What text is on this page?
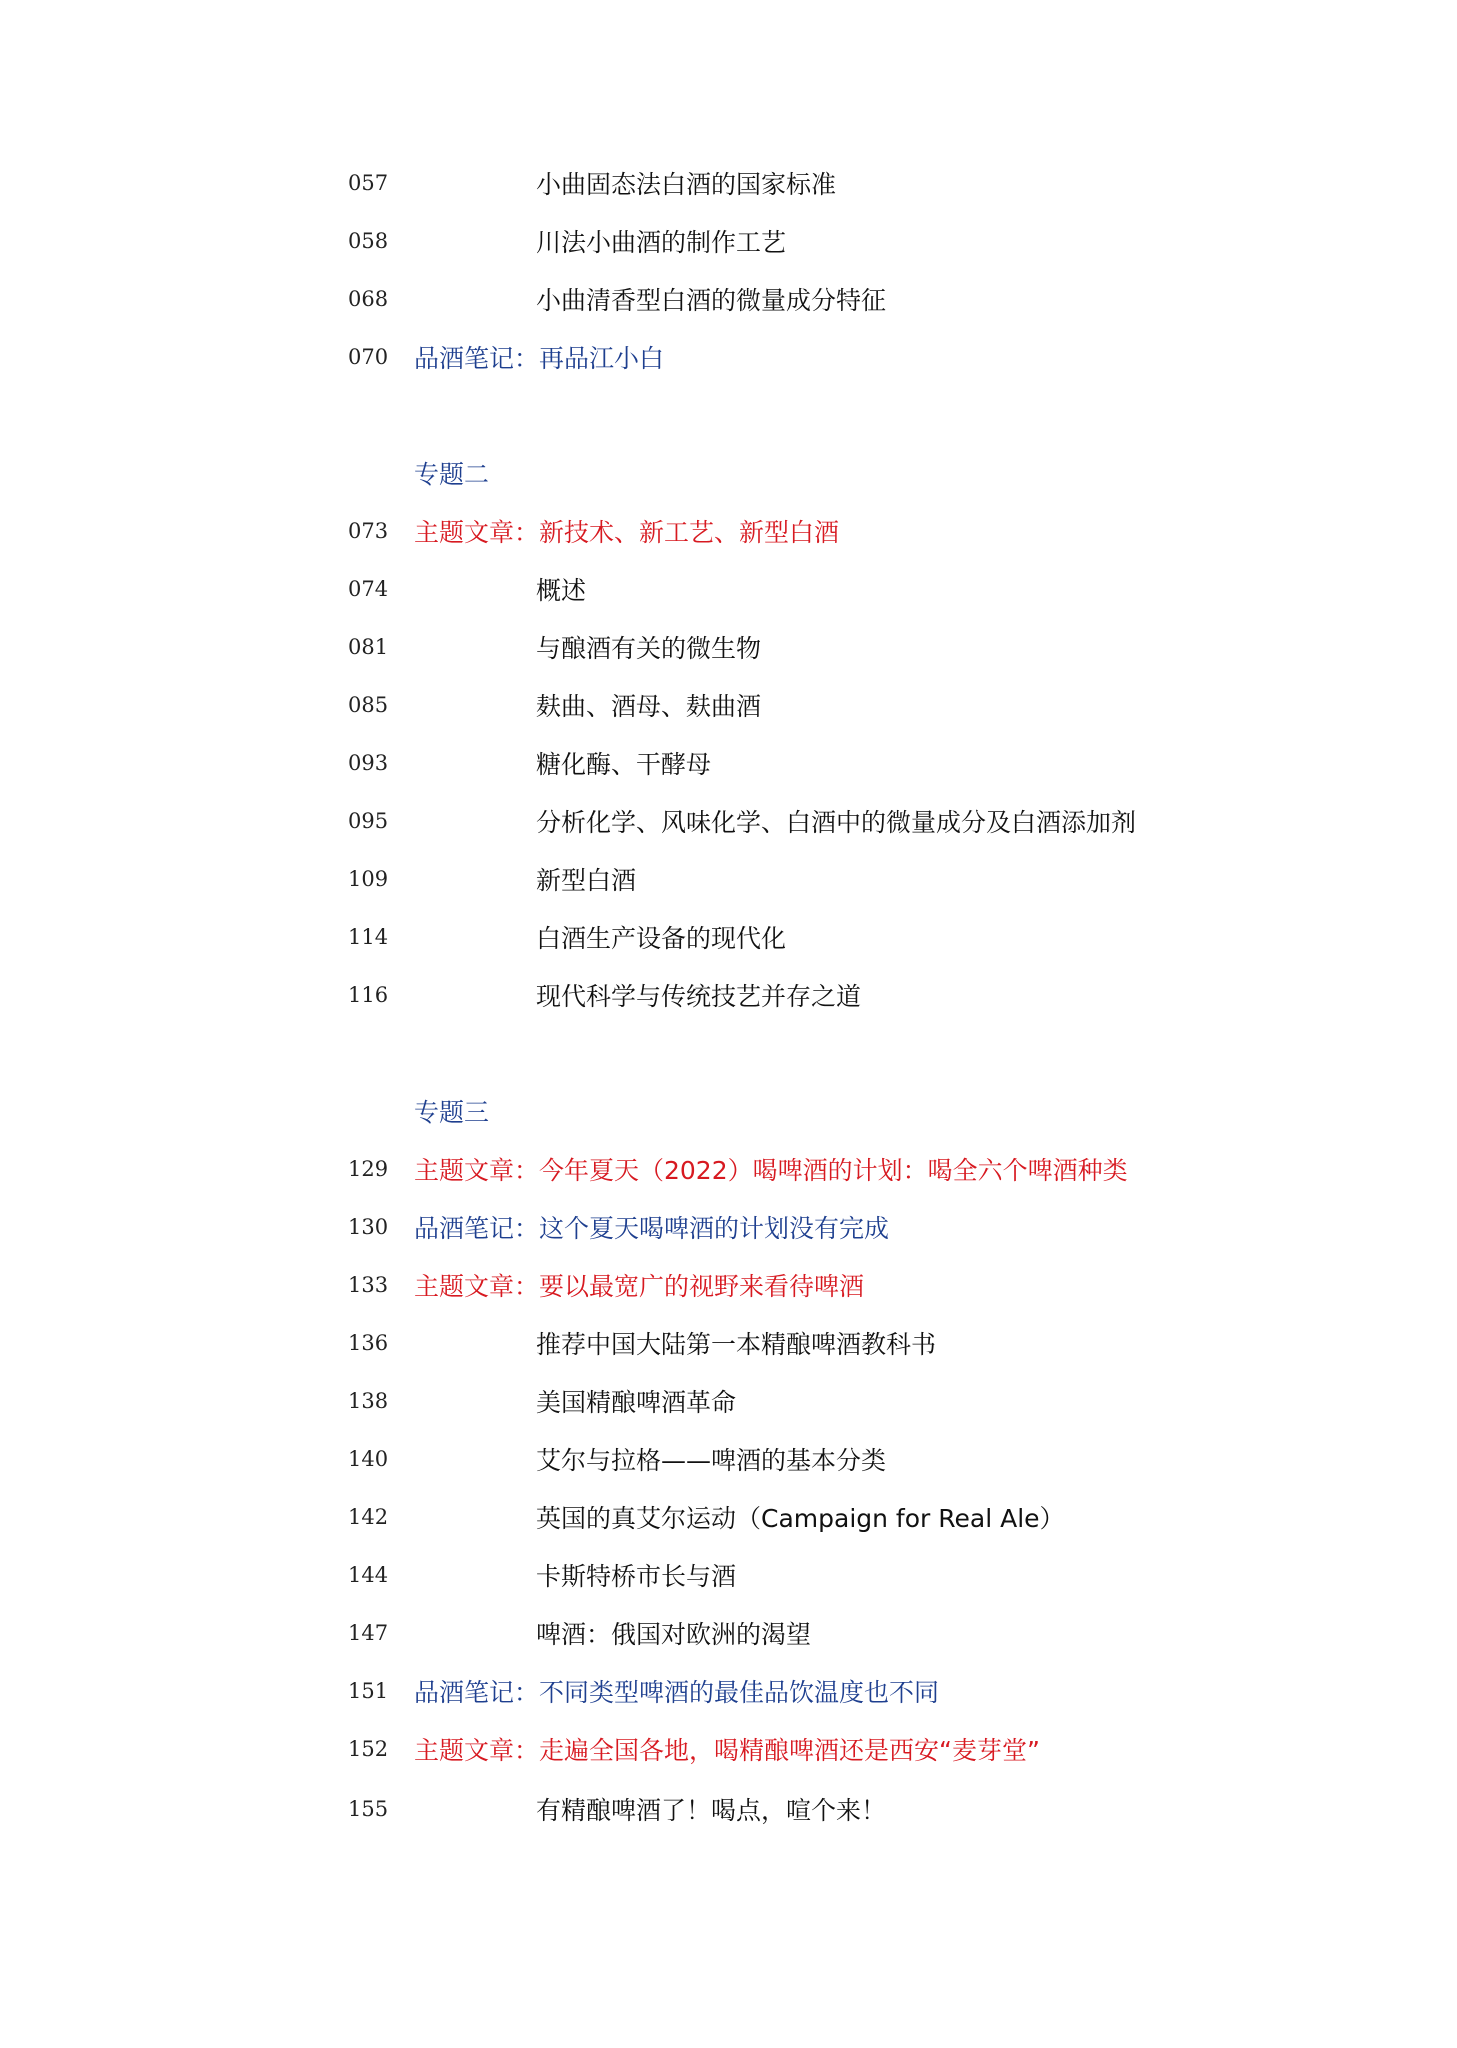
057	小曲固态法白酒的国家标准
058	川法小曲酒的制作工艺
068	小曲清香型白酒的微量成分特征
070 品酒笔记：再品江小白
专题二
073 主题文章：新技术、新工艺、新型白酒
074	概述
081	与酿酒有关的微生物
085	麸曲、酒母、麸曲酒
093	糖化酶、干酵母
095	分析化学、风味化学、白酒中的微量成分及白酒添加剂
109	新型白酒
114	白酒生产设备的现代化
116	现代科学与传统技艺并存之道
专题三
129 主题文章：今年夏天（2022）喝啤酒的计划：喝全六个啤酒种类
130 品酒笔记：这个夏天喝啤酒的计划没有完成
133 主题文章：要以最宽广的视野来看待啤酒
136	推荐中国大陆第一本精酿啤酒教科书
138	美国精酿啤酒革命
140	艾尔与拉格——啤酒的基本分类
142	英国的真艾尔运动（Campaign for Real Ale）
144	卡斯特桥市长与酒
147	啤酒：俄国对欧洲的渴望
151 品酒笔记：不同类型啤酒的最佳品饮温度也不同
152 主题文章：走遍全国各地，喝精酿啤酒还是西安“麦芽堂”
155	有精酿啤酒了！喝点，喧个来！
